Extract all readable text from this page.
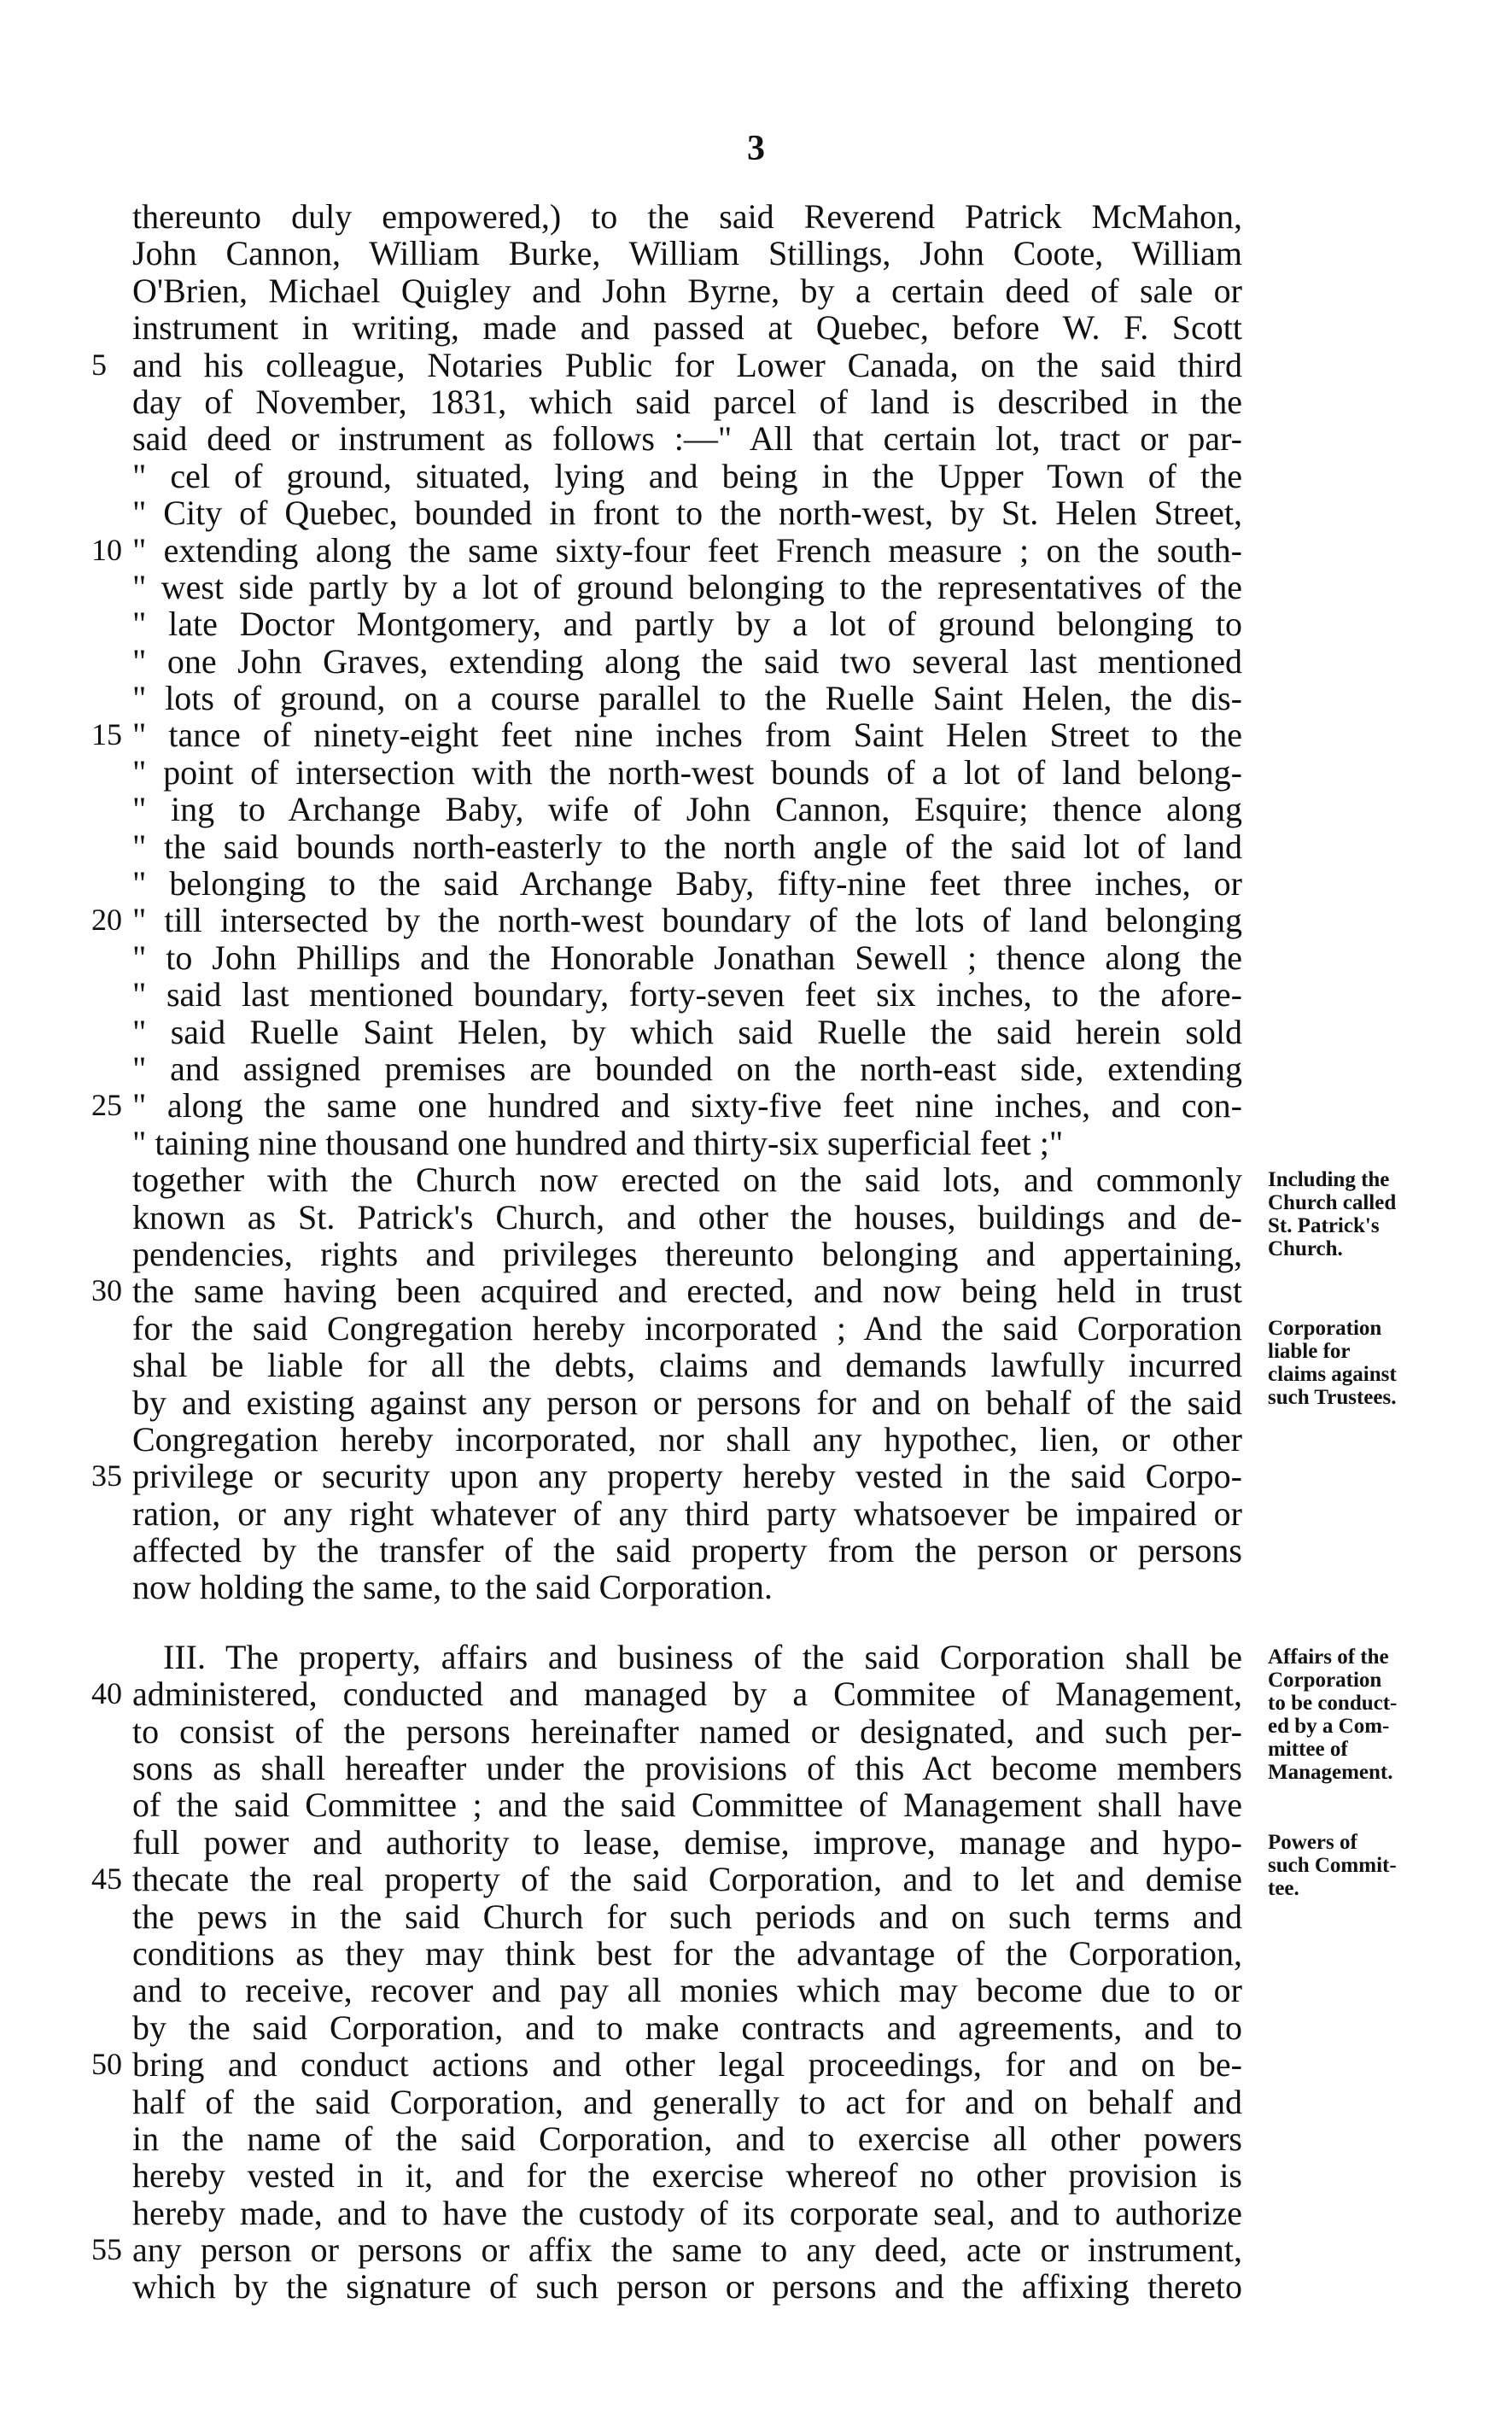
3
thereunto duly empowered,) to the said Reverend Patrick McMahon,
John Cannon, William Burke, William Stillings, John Coote, William
O'Brien, Michael Quigley and John Byrne, by a certain deed of sale or
instrument in writing, made and passed at Quebec, before W. F. Scott
and his colleague, Notaries Public for Lower Canada, on the said third
5
day of November, 1831, which said parcel of land is described in the
said deed or instrument as follows :—" All that certain lot, tract or par-
" cel of ground, situated, lying and being in the Upper Town of the
" City of Quebec, bounded in front to the north-west, by St. Helen Street,
" extending along the same sixty-four feet French measure ; on the south-
10
" west side partly by a lot of ground belonging to the representatives of the
" late Doctor Montgomery, and partly by a lot of ground belonging to
" one John Graves, extending along the said two several last mentioned
" lots of ground, on a course parallel to the Ruelle Saint Helen, the dis-
" tance of ninety-eight feet nine inches from Saint Helen Street to the
15
" point of intersection with the north-west bounds of a lot of land belong-
" ing to Archange Baby, wife of John Cannon, Esquire; thence along
" the said bounds north-easterly to the north angle of the said lot of land
" belonging to the said Archange Baby, fifty-nine feet three inches, or
" till intersected by the north-west boundary of the lots of land belonging
20
" to John Phillips and the Honorable Jonathan Sewell ; thence along the
" said last mentioned boundary, forty-seven feet six inches, to the afore-
" said Ruelle Saint Helen, by which said Ruelle the said herein sold
" and assigned premises are bounded on the north-east side, extending
" along the same one hundred and sixty-five feet nine inches, and con-
25
" taining nine thousand one hundred and thirty-six superficial feet ;"
together with the Church now erected on the said lots, and commonly
known as St. Patrick's Church, and other the houses, buildings and de-
pendencies, rights and privileges thereunto belonging and appertaining,
the same having been acquired and erected, and now being held in trust
30
for the said Congregation hereby incorporated ; And the said Corporation
shal be liable for all the debts, claims and demands lawfully incurred
by and existing against any person or persons for and on behalf of the said
Congregation hereby incorporated, nor shall any hypothec, lien, or other
privilege or security upon any property hereby vested in the said Corpo-
35
ration, or any right whatever of any third party whatsoever be impaired or
affected by the transfer of the said property from the person or persons
now holding the same, to the said Corporation.
III. The property, affairs and business of the said Corporation shall be
administered, conducted and managed by a Commitee of Management,
40
to consist of the persons hereinafter named or designated, and such per-
sons as shall hereafter under the provisions of this Act become members
of the said Committee ; and the said Committee of Management shall have
full power and authority to lease, demise, improve, manage and hypo-
thecate the real property of the said Corporation, and to let and demise
45
the pews in the said Church for such periods and on such terms and
conditions as they may think best for the advantage of the Corporation,
and to receive, recover and pay all monies which may become due to or
by the said Corporation, and to make contracts and agreements, and to
bring and conduct actions and other legal proceedings, for and on be-
50
half of the said Corporation, and generally to act for and on behalf and
in the name of the said Corporation, and to exercise all other powers
hereby vested in it, and for the exercise whereof no other provision is
hereby made, and to have the custody of its corporate seal, and to authorize
any person or persons or affix the same to any deed, acte or instrument,
55
which by the signature of such person or persons and the affixing thereto
Including the
Church called
St. Patrick's
Church.
Corporation
liable for
claims against
such Trustees.
Affairs of the
Corporation
to be conduct-
ed by a Com-
mittee of
Management.
Powers of
such Commit-
tee.
